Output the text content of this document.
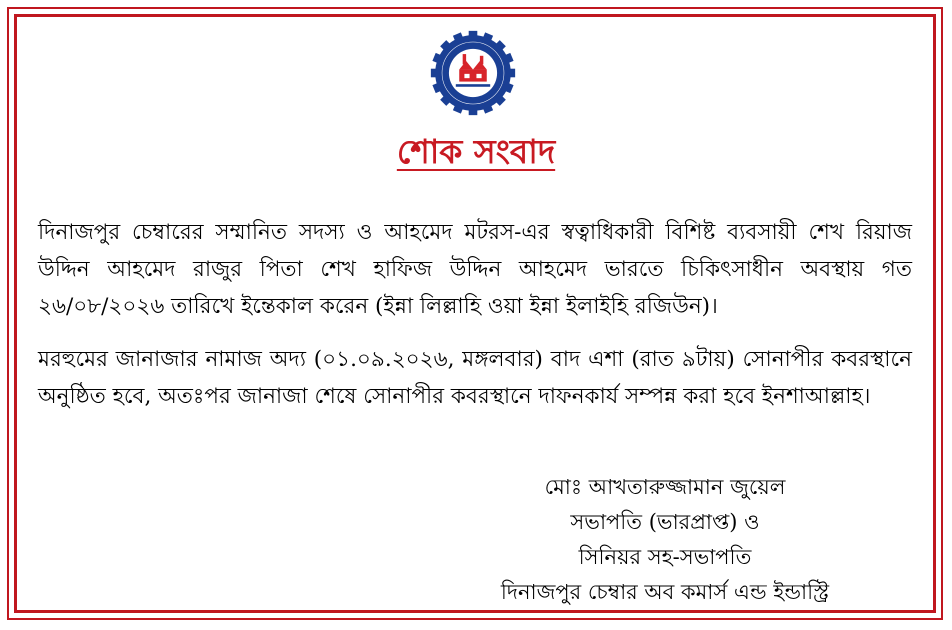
শোক সংবাদ

দিনাজপুর চেম্বারের সম্মানিত সদস্য ও আহমেদ মটরস-এর স্বত্বাধিকারী বিশিষ্ট ব্যবসায়ী শেখ রিয়াজ উদ্দিন আহমেদ রাজুর পিতা শেখ হাফিজ উদ্দিন আহমেদ ভারতে চিকিৎসাধীন অবস্থায় গত ২৬/০৮/২০২৬ তারিখে ইন্তেকাল করেন (ইন্না লিল্লাহি ওয়া ইন্না ইলাইহি রজিউন)।

মরহুমের জানাজার নামাজ অদ্য (০১.০৯.২০২৬, মঙ্গলবার) বাদ এশা (রাত ৯টায়) সোনাপীর কবরস্থানে অনুষ্ঠিত হবে, অতঃপর জানাজা শেষে সোনাপীর কবরস্থানে দাফনকার্য সম্পন্ন করা হবে ইনশাআল্লাহ।

মোঃ আখতারুজ্জামান জুয়েল
সভাপতি (ভারপ্রাপ্ত) ও
সিনিয়র সহ-সভাপতি
দিনাজপুর চেম্বার অব কমার্স এন্ড ইন্ডাস্ট্রি
